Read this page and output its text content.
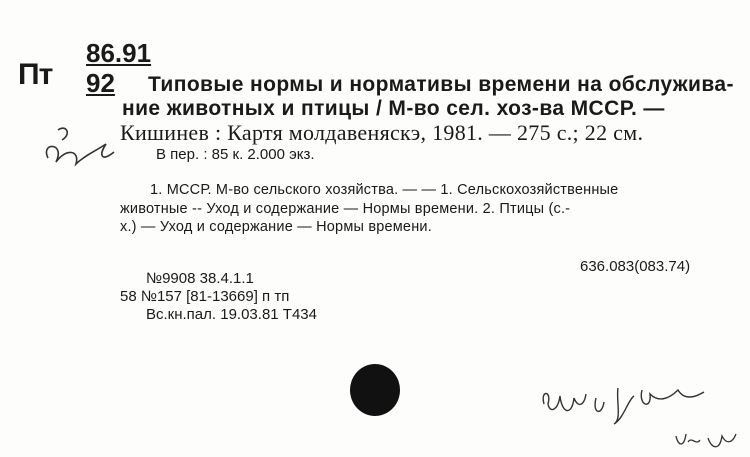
Пт
86.91
92 Типовые нормы и нормативы времени на обслужива-
ние животных и птицы / М-во сел. хоз-ва МССР. —
Кишинев : Картя молдавеняскэ, 1981. — 275 с.; 22 см.
В пер. : 85 к. 2.000 экз.
1. МССР. М-во сельского хозяйства. — — 1. Сельскохозяйственные
животные -- Уход и содержание — Нормы времени. 2. Птицы (с.-
х.) — Уход и содержание — Нормы времени.
636.083(083.74)
№9908 38.4.1.1
58 №157 [81-13669] п тп
Вс.кн.пал. 19.03.81 Т434
